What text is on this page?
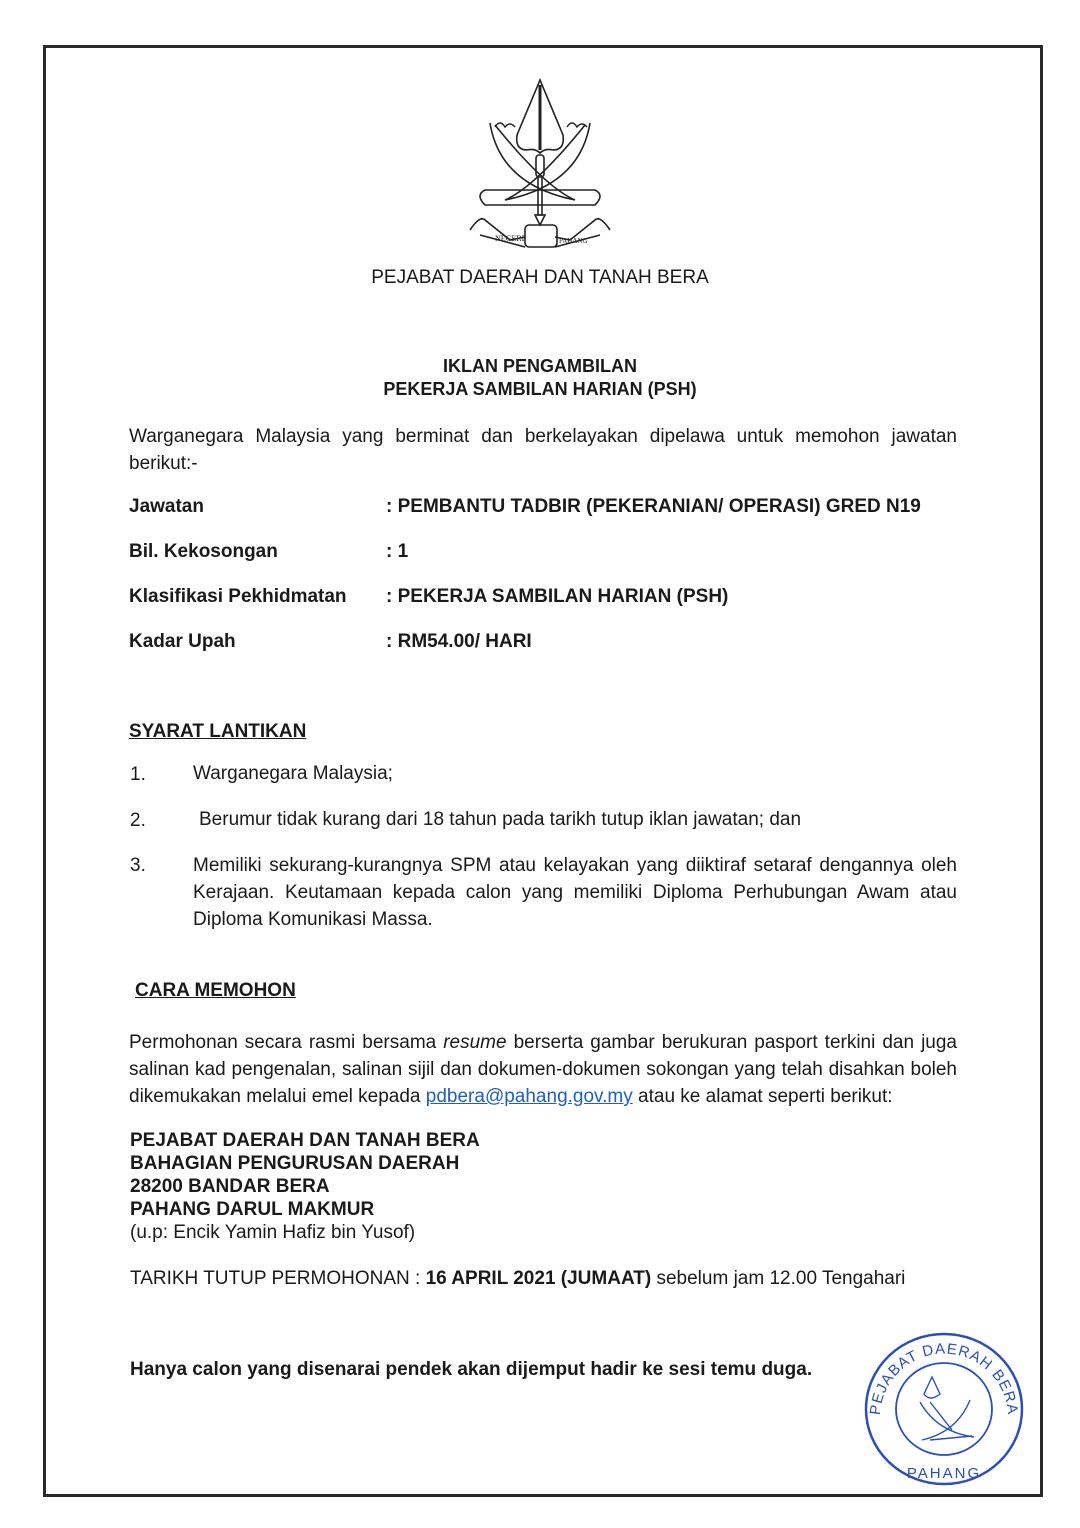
NEGERI	PAHANG
PEJABAT DAERAH DAN TANAH BERA
IKLAN PENGAMBILAN
PEKERJA SAMBILAN HARIAN (PSH)
Warganegara Malaysia yang berminat dan berkelayakan dipelawa untuk memohon jawatan berikut:-
Jawatan	: PEMBANTU TADBIR (PEKERANIAN/ OPERASI) GRED N19
Bil. Kekosongan	: 1
Klasifikasi Pekhidmatan : PEKERJA SAMBILAN HARIAN (PSH)
Kadar Upah	: RM54.00/ HARI
SYARAT LANTIKAN
1. Warganegara Malaysia;
2.	Berumur tidak kurang dari 18 tahun pada tarikh tutup iklan jawatan; dan
3. Memiliki sekurang-kurangnya SPM atau kelayakan yang diiktiraf setaraf dengannya oleh Kerajaan. Keutamaan kepada calon yang memiliki Diploma Perhubungan Awam atau Diploma Komunikasi Massa.
CARA MEMOHON
Permohonan secara rasmi bersama resume berserta gambar berukuran pasport terkini dan juga salinan kad pengenalan, salinan sijil dan dokumen-dokumen sokongan yang telah disahkan boleh dikemukakan melalui emel kepada pdbera@pahang.gov.my atau ke alamat seperti berikut:
PEJABAT DAERAH DAN TANAH BERA
BAHAGIAN PENGURUSAN DAERAH
28200 BANDAR BERA
PAHANG DARUL MAKMUR
(u.p: Encik Yamin Hafiz bin Yusof)
TARIKH TUTUP PERMOHONAN : 16 APRIL 2021 (JUMAAT) sebelum jam 12.00 Tengahari
Hanya calon yang disenarai pendek akan dijemput hadir ke sesi temu duga.
PEJABAT DAERAH BERA
PAHANG
